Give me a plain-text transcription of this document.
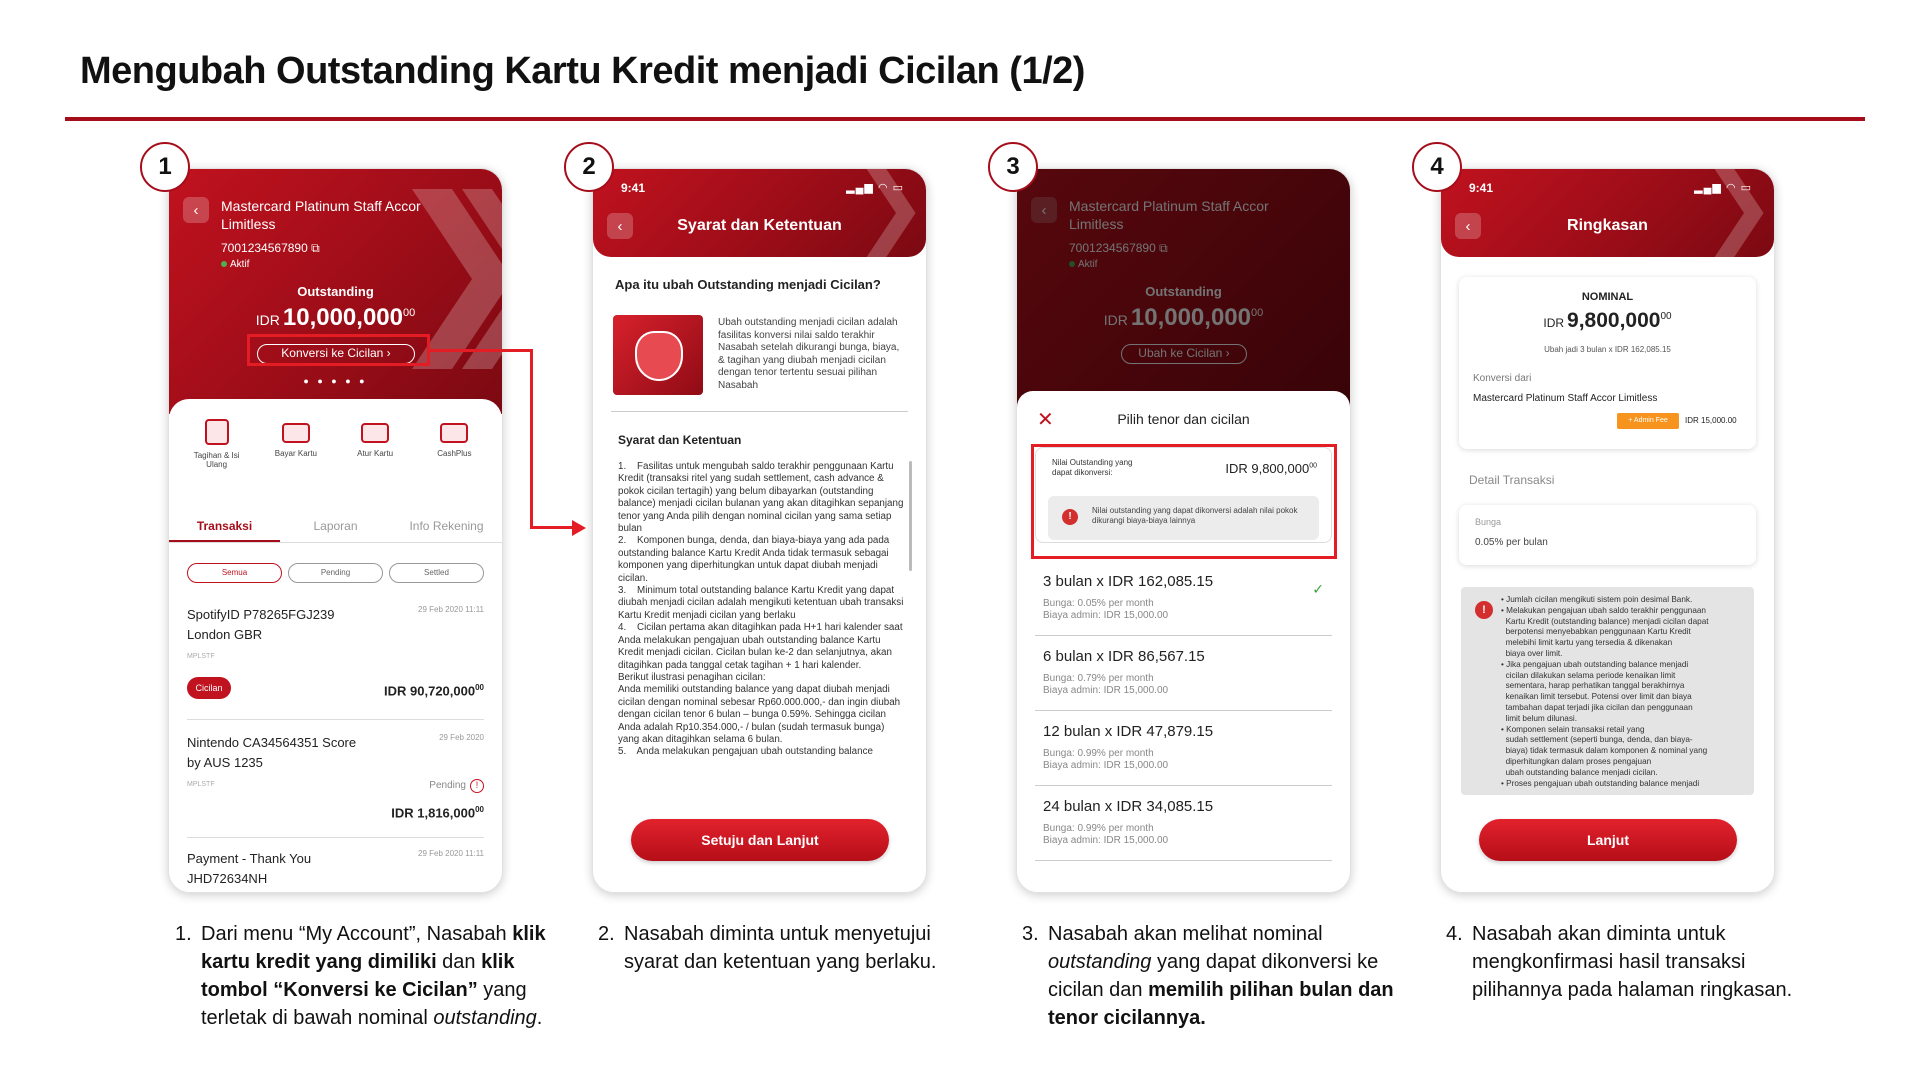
Mengubah Outstanding Kartu Kredit menjadi Cicilan (1/2)
1
‹	Mastercard Platinum Staff Accor Limitless
7001234567890 ⧉
Aktif
Outstanding
IDR 10,000,000$^{00}$
Konversi ke Cicilan ›
● ● ● ● ●
Tagihan & Isi Ulang
Bayar Kartu	Atur Kartu	CashPlus
Transaksi	Laporan	Info Rekening
Semua	Pending	Settled
SpotifyID P78265FGJ239 London GBR
29 Feb 2020 11:11
MPLSTF
Cicilan	IDR 90,720,000$^{00}$
Nintendo CA34564351 Score by AUS 1235
29 Feb 2020
MPLSTF	Pending !
IDR 1,816,000$^{00}$
Payment - Thank You JHD72634NH
29 Feb 2020 11:11
2
9:41	▂▄▆ ◠ ▭
‹	Syarat dan Ketentuan
Apa itu ubah Outstanding menjadi Cicilan?
Ubah outstanding menjadi cicilan adalah fasilitas konversi nilai saldo terakhir Nasabah setelah dikurangi bunga, biaya, & tagihan yang diubah menjadi cicilan dengan tenor tertentu sesuai pilihan Nasabah
Syarat dan Ketentuan
1.    Fasilitas untuk mengubah saldo terakhir penggunaan Kartu Kredit (transaksi ritel yang sudah settlement, cash advance & pokok cicilan tertagih) yang belum dibayarkan (outstanding balance) menjadi cicilan bulanan yang akan ditagihkan sepanjang tenor yang Anda pilih dengan nominal cicilan yang sama setiap bulan
2.    Komponen bunga, denda, dan biaya-biaya yang ada pada outstanding balance Kartu Kredit Anda tidak termasuk sebagai komponen yang diperhitungkan untuk dapat diubah menjadi cicilan.
3.    Minimum total outstanding balance Kartu Kredit yang dapat diubah menjadi cicilan adalah mengikuti ketentuan ubah transaksi Kartu Kredit menjadi cicilan yang berlaku
4.    Cicilan pertama akan ditagihkan pada H+1 hari kalender saat Anda melakukan pengajuan ubah outstanding balance Kartu Kredit menjadi cicilan. Cicilan bulan ke-2 dan selanjutnya, akan ditagihkan pada tanggal cetak tagihan + 1 hari kalender.
Berikut ilustrasi penagihan cicilan:
Anda memiliki outstanding balance yang dapat diubah menjadi cicilan dengan nominal sebesar Rp60.000.000,- dan ingin diubah dengan cicilan tenor 6 bulan – bunga 0.59%. Sehingga cicilan Anda adalah Rp10.354.000,- / bulan (sudah termasuk bunga) yang akan ditagihkan selama 6 bulan.
5.    Anda melakukan pengajuan ubah outstanding balance
Setuju dan Lanjut
3
✕	Pilih tenor dan cicilan
Nilai Outstanding yang dapat dikonversi:	IDR 9,800,000$^{00}$
!
Nilai outstanding yang dapat dikonversi adalah nilai pokok dikurangi biaya-biaya lainnya
3 bulan x IDR 162,085.15
Bunga: 0.05% per month
Biaya admin: IDR 15,000.00
✓
6 bulan x IDR 86,567.15
Bunga: 0.79% per month
Biaya admin: IDR 15,000.00
12 bulan x IDR 47,879.15
Bunga: 0.99% per month
Biaya admin: IDR 15,000.00
24 bulan x IDR 34,085.15
Bunga: 0.99% per month
Biaya admin: IDR 15,000.00
4
9:41	▂▄▆ ◠ ▭
‹	Ringkasan
NOMINAL
IDR 9,800,000$^{00}$
Ubah jadi 3 bulan x IDR 162,085.15
Konversi dari
Mastercard Platinum Staff Accor Limitless
+ Admin Fee	IDR 15,000.00
Detail Transaksi
Bunga
0.05% per bulan
!
• Jumlah cicilan mengikuti sistem poin desimal Bank.
• Melakukan pengajuan ubah saldo terakhir penggunaan
Kartu Kredit (outstanding balance) menjadi cicilan dapat
berpotensi menyebabkan penggunaan Kartu Kredit
melebihi limit kartu yang tersedia & dikenakan
biaya over limit.
• Jika pengajuan ubah outstanding balance menjadi
cicilan dilakukan selama periode kenaikan limit
sementara, harap perhatikan tanggal berakhirnya
kenaikan limit tersebut. Potensi over limit dan biaya
tambahan dapat terjadi jika cicilan dan penggunaan
limit belum dilunasi.
• Komponen selain transaksi retail yang
sudah settlement (seperti bunga, denda, dan biaya-
biaya) tidak termasuk dalam komponen & nominal yang
diperhitungkan dalam proses pengajuan
ubah outstanding balance menjadi cicilan.
• Proses pengajuan ubah outstanding balance menjadi
Lanjut
1. Dari menu “My Account”, Nasabah klik kartu kredit yang dimiliki dan klik tombol “Konversi ke Cicilan” yang terletak di bawah nominal outstanding.
2. Nasabah diminta untuk menyetujui syarat dan ketentuan yang berlaku.
3. Nasabah akan melihat nominal outstanding yang dapat dikonversi ke cicilan dan memilih pilihan bulan dan tenor cicilannya.
4. Nasabah akan diminta untuk mengkonfirmasi hasil transaksi pilihannya pada halaman ringkasan.
